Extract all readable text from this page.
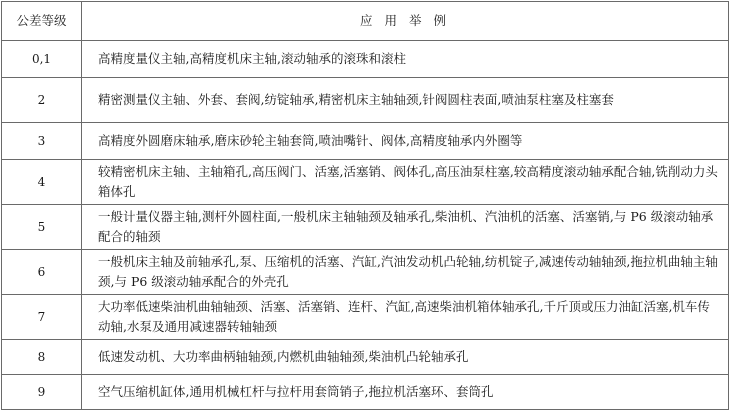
公差等级	应 用 举 例
0,1	高精度量仪主轴,高精度机床主轴,滚动轴承的滚珠和滚柱
2	精密测量仪主轴、外套、套阀,纺锭轴承,精密机床主轴轴颈,针阀圆柱表面,喷油泵柱塞及柱塞套
3	高精度外圆磨床轴承,磨床砂轮主轴套筒,喷油嘴针、阀体,高精度轴承内外圈等
4	较精密机床主轴、主轴箱孔,高压阀门、活塞,活塞销、阀体孔,高压油泵柱塞,较高精度滚动轴承配合轴,铣削动力头箱体孔
5	一般计量仪器主轴,测杆外圆柱面,一般机床主轴轴颈及轴承孔,柴油机、汽油机的活塞、活塞销,与 P6 级滚动轴承配合的轴颈
6	一般机床主轴及前轴承孔,泵、压缩机的活塞、汽缸,汽油发动机凸轮轴,纺机锭子,减速传动轴轴颈,拖拉机曲轴主轴颈,与 P6 级滚动轴承配合的外壳孔
7	大功率低速柴油机曲轴轴颈、活塞、活塞销、连杆、汽缸,高速柴油机箱体轴承孔,千斤顶或压力油缸活塞,机车传动轴,水泵及通用减速器转轴轴颈
8	低速发动机、大功率曲柄轴轴颈,内燃机曲轴轴颈,柴油机凸轮轴承孔
9	空气压缩机缸体,通用机械杠杆与拉杆用套筒销子,拖拉机活塞环、套筒孔
